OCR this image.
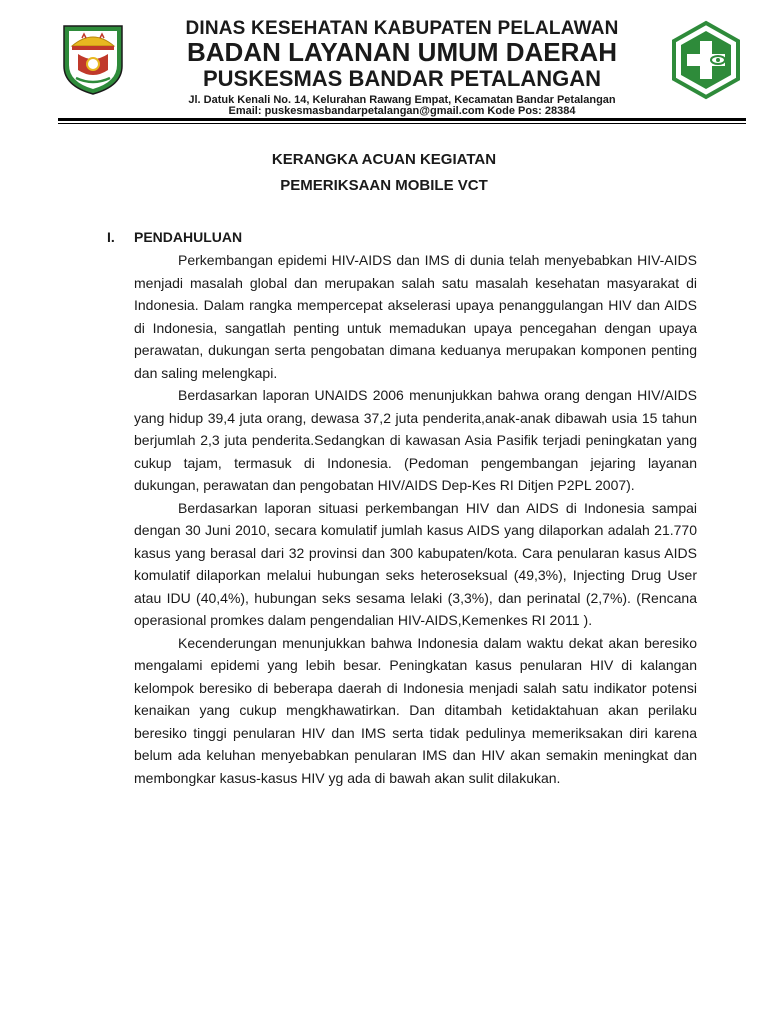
DINAS KESEHATAN KABUPATEN PELALAWAN

BADAN LAYANAN UMUM DAERAH

PUSKESMAS BANDAR PETALANGAN

Jl. Datuk Kenali No. 14, Kelurahan Rawang Empat, Kecamatan Bandar Petalangan

Email: puskesmasbandarpetalangan@gmail.com Kode Pos: 28384

KERANGKA ACUAN KEGIATAN

PEMERIKSAAN MOBILE VCT

I. PENDAHULUAN

Perkembangan epidemi HIV-AIDS dan IMS di dunia telah menyebabkan HIV-AIDS menjadi masalah global dan merupakan salah satu masalah kesehatan masyarakat di Indonesia. Dalam rangka mempercepat akselerasi upaya penanggulangan HIV dan AIDS di Indonesia, sangatlah penting untuk memadukan upaya pencegahan dengan upaya perawatan, dukungan serta pengobatan dimana keduanya merupakan komponen penting dan saling melengkapi.

Berdasarkan laporan UNAIDS 2006 menunjukkan bahwa orang dengan HIV/AIDS yang hidup 39,4 juta orang, dewasa 37,2 juta penderita,anak-anak dibawah usia 15 tahun berjumlah 2,3 juta penderita.Sedangkan di kawasan Asia Pasifik terjadi peningkatan yang cukup tajam, termasuk di Indonesia. (Pedoman pengembangan jejaring layanan dukungan, perawatan dan pengobatan HIV/AIDS Dep-Kes RI Ditjen P2PL 2007).

Berdasarkan laporan situasi perkembangan HIV dan AIDS di Indonesia sampai dengan 30 Juni 2010, secara komulatif jumlah kasus AIDS yang dilaporkan adalah 21.770 kasus yang berasal dari 32 provinsi dan 300 kabupaten/kota. Cara penularan kasus AIDS komulatif dilaporkan melalui hubungan seks heteroseksual (49,3%), Injecting Drug User atau IDU (40,4%), hubungan seks sesama lelaki (3,3%), dan perinatal (2,7%). (Rencana operasional promkes dalam pengendalian HIV-AIDS,Kemenkes RI 2011 ).

Kecenderungan menunjukkan bahwa Indonesia dalam waktu dekat akan beresiko mengalami epidemi yang lebih besar. Peningkatan kasus penularan HIV di kalangan kelompok beresiko di beberapa daerah di Indonesia menjadi salah satu indikator potensi kenaikan yang cukup mengkhawatirkan. Dan ditambah ketidaktahuan akan perilaku beresiko tinggi penularan HIV dan IMS serta tidak pedulinya memeriksakan diri karena belum ada keluhan menyebabkan penularan IMS dan HIV akan semakin meningkat dan membongkar kasus-kasus HIV yg ada di bawah akan sulit dilakukan.
